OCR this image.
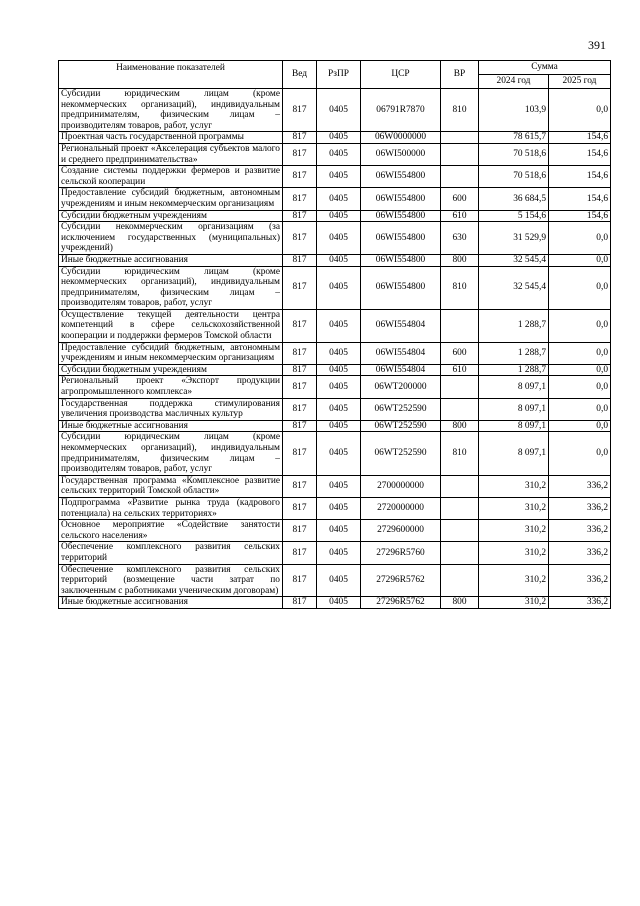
391
Наименование показателей	Вед	РзПР	ЦСР	ВР	Сумма	
					2024 год	2025 год
Субсидии юридическим лицам (кроме некоммерческих организаций), индивидуальным предпринимателям, физическим лицам – производителям товаров, работ, услуг	817	0405	06791R7870	810	103,9	0,0
Проектная часть государственной программы	817	0405	06W0000000		78 615,7	154,6
Региональный проект «Акселерация субъектов малого и среднего предпринимательства»	817	0405	06WI500000		70 518,6	154,6
Создание системы поддержки фермеров и развитие сельской кооперации	817	0405	06WI554800		70 518,6	154,6
Предоставление субсидий бюджетным, автономным учреждениям и иным некоммерческим организациям	817	0405	06WI554800	600	36 684,5	154,6
Субсидии бюджетным учреждениям	817	0405	06WI554800	610	5 154,6	154,6
Субсидии некоммерческим организациям (за исключением государственных (муниципальных) учреждений)	817	0405	06WI554800	630	31 529,9	0,0
Иные бюджетные ассигнования	817	0405	06WI554800	800	32 545,4	0,0
Субсидии юридическим лицам (кроме некоммерческих организаций), индивидуальным предпринимателям, физическим лицам – производителям товаров, работ, услуг	817	0405	06WI554800	810	32 545,4	0,0
Осуществление текущей деятельности центра компетенций в сфере сельскохозяйственной кооперации и поддержки фермеров Томской области	817	0405	06WI554804		1 288,7	0,0
Предоставление субсидий бюджетным, автономным учреждениям и иным некоммерческим организациям	817	0405	06WI554804	600	1 288,7	0,0
Субсидии бюджетным учреждениям	817	0405	06WI554804	610	1 288,7	0,0
Региональный проект «Экспорт продукции агропромышленного комплекса»	817	0405	06WT200000		8 097,1	0,0
Государственная поддержка стимулирования увеличения производства масличных культур	817	0405	06WT252590		8 097,1	0,0
Иные бюджетные ассигнования	817	0405	06WT252590	800	8 097,1	0,0
Субсидии юридическим лицам (кроме некоммерческих организаций), индивидуальным предпринимателям, физическим лицам – производителям товаров, работ, услуг	817	0405	06WT252590	810	8 097,1	0,0
Государственная программа «Комплексное развитие сельских территорий Томской области»	817	0405	2700000000		310,2	336,2
Подпрограмма «Развитие рынка труда (кадрового потенциала) на сельских территориях»	817	0405	2720000000		310,2	336,2
Основное мероприятие «Содействие занятости сельского населения»	817	0405	2729600000		310,2	336,2
Обеспечение комплексного развития сельских территорий	817	0405	27296R5760		310,2	336,2
Обеспечение комплексного развития сельских территорий (возмещение части затрат по заключенным с работниками ученическим договорам)	817	0405	27296R5762		310,2	336,2
Иные бюджетные ассигнования	817	0405	27296R5762	800	310,2	336,2
